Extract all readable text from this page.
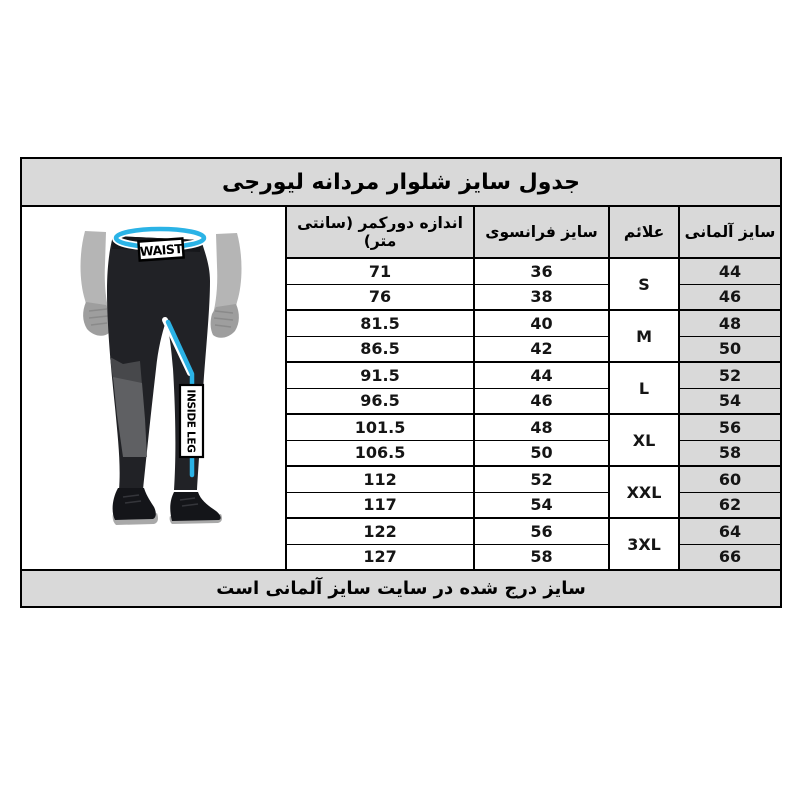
جدول سایز شلوار مردانه لیورجی				
سایز آلمانی	علائم	سایز فرانسوی	اندازه دورکمر (سانتی متر)	WAIST
INSIDE LEG

44	S	36	71	
46		38	76	
48	M	40	81.5	
50		42	86.5	
52	L	44	91.5	
54		46	96.5	
56	XL	48	101.5	
58		50	106.5	
60	XXL	52	112	
62		54	117	
64	3XL	56	122	
66		58	127	
سایز درج شده در سایت سایز آلمانی است				
